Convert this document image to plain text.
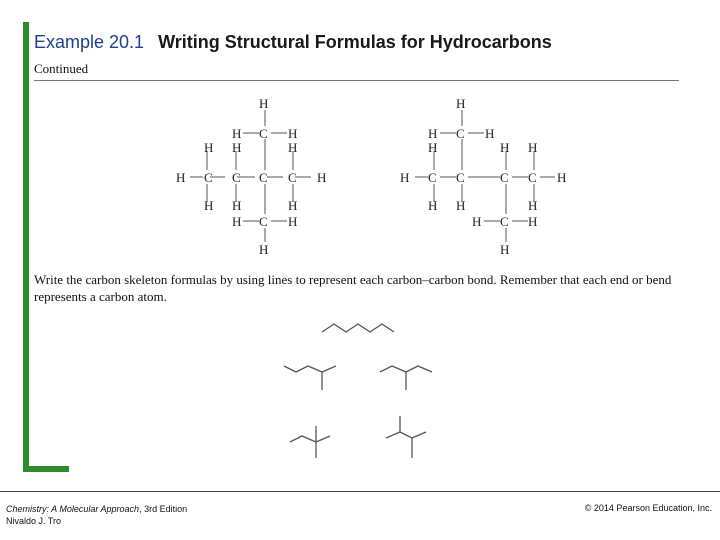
Example 20.1 Writing Structural Formulas for Hydrocarbons
Continued
H
H C H
H H	H
H C C C C H
H H	H
H C H
H
H
H C H
H	H H
H C C	C C H
H H	H
H C H
H
Write the carbon skeleton formulas by using lines to represent each carbon–carbon bond. Remember that each end or bend represents a carbon atom.
Chemistry: A Molecular Approach, 3rd Edition
Nivaldo J. Tro
© 2014 Pearson Education, Inc.
